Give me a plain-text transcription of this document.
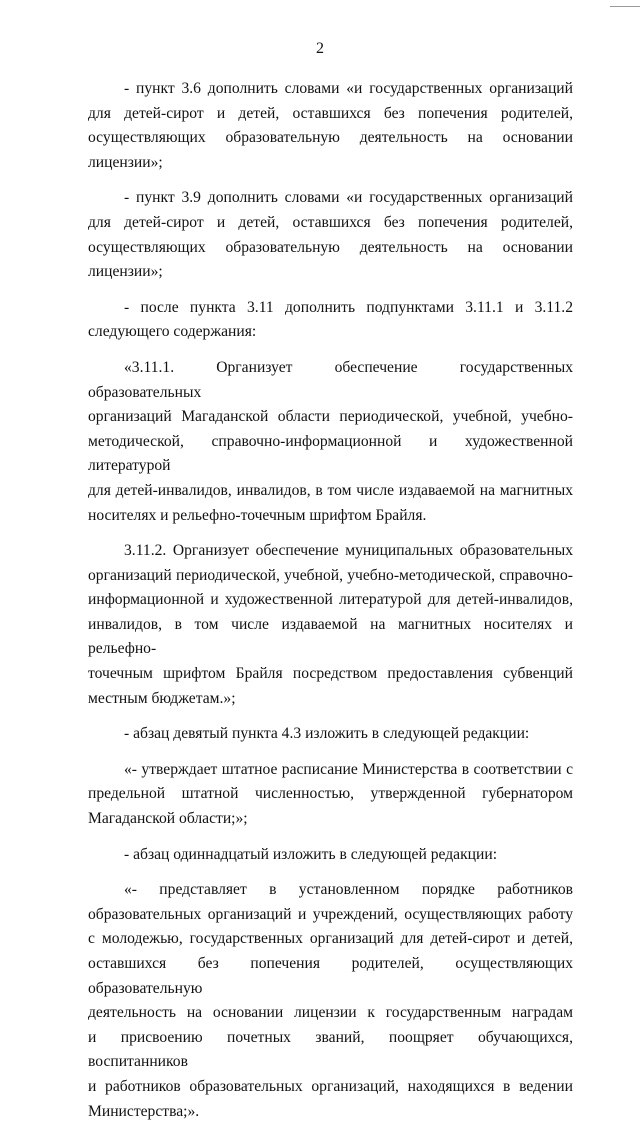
2

- пункт 3.6 дополнить словами «и государственных организаций
для детей-сирот и детей, оставшихся без попечения родителей,
осуществляющих образовательную деятельность на основании лицензии»;

- пункт 3.9 дополнить словами «и государственных организаций
для детей-сирот и детей, оставшихся без попечения родителей,
осуществляющих образовательную деятельность на основании лицензии»;

- после пункта 3.11 дополнить подпунктами 3.11.1 и 3.11.2
следующего содержания:

«3.11.1. Организует обеспечение государственных образовательных
организаций Магаданской области периодической, учебной, учебно-
методической, справочно-информационной и художественной литературой
для детей-инвалидов, инвалидов, в том числе издаваемой на магнитных
носителях и рельефно-точечным шрифтом Брайля.

3.11.2. Организует обеспечение муниципальных образовательных
организаций периодической, учебной, учебно-методической, справочно-
информационной и художественной литературой для детей-инвалидов,
инвалидов, в том числе издаваемой на магнитных носителях и рельефно-
точечным шрифтом Брайля посредством предоставления субвенций
местным бюджетам.»;

- абзац девятый пункта 4.3 изложить в следующей редакции:

«- утверждает штатное расписание Министерства в соответствии с
предельной штатной численностью, утвержденной губернатором
Магаданской области;»;

- абзац одиннадцатый изложить в следующей редакции:

«- представляет в установленном порядке работников
образовательных организаций и учреждений, осуществляющих работу
с молодежью, государственных организаций для детей-сирот и детей,
оставшихся без попечения родителей, осуществляющих образовательную
деятельность на основании лицензии к государственным наградам
и присвоению почетных званий, поощряет обучающихся, воспитанников
и работников образовательных организаций, находящихся в ведении
Министерства;».
